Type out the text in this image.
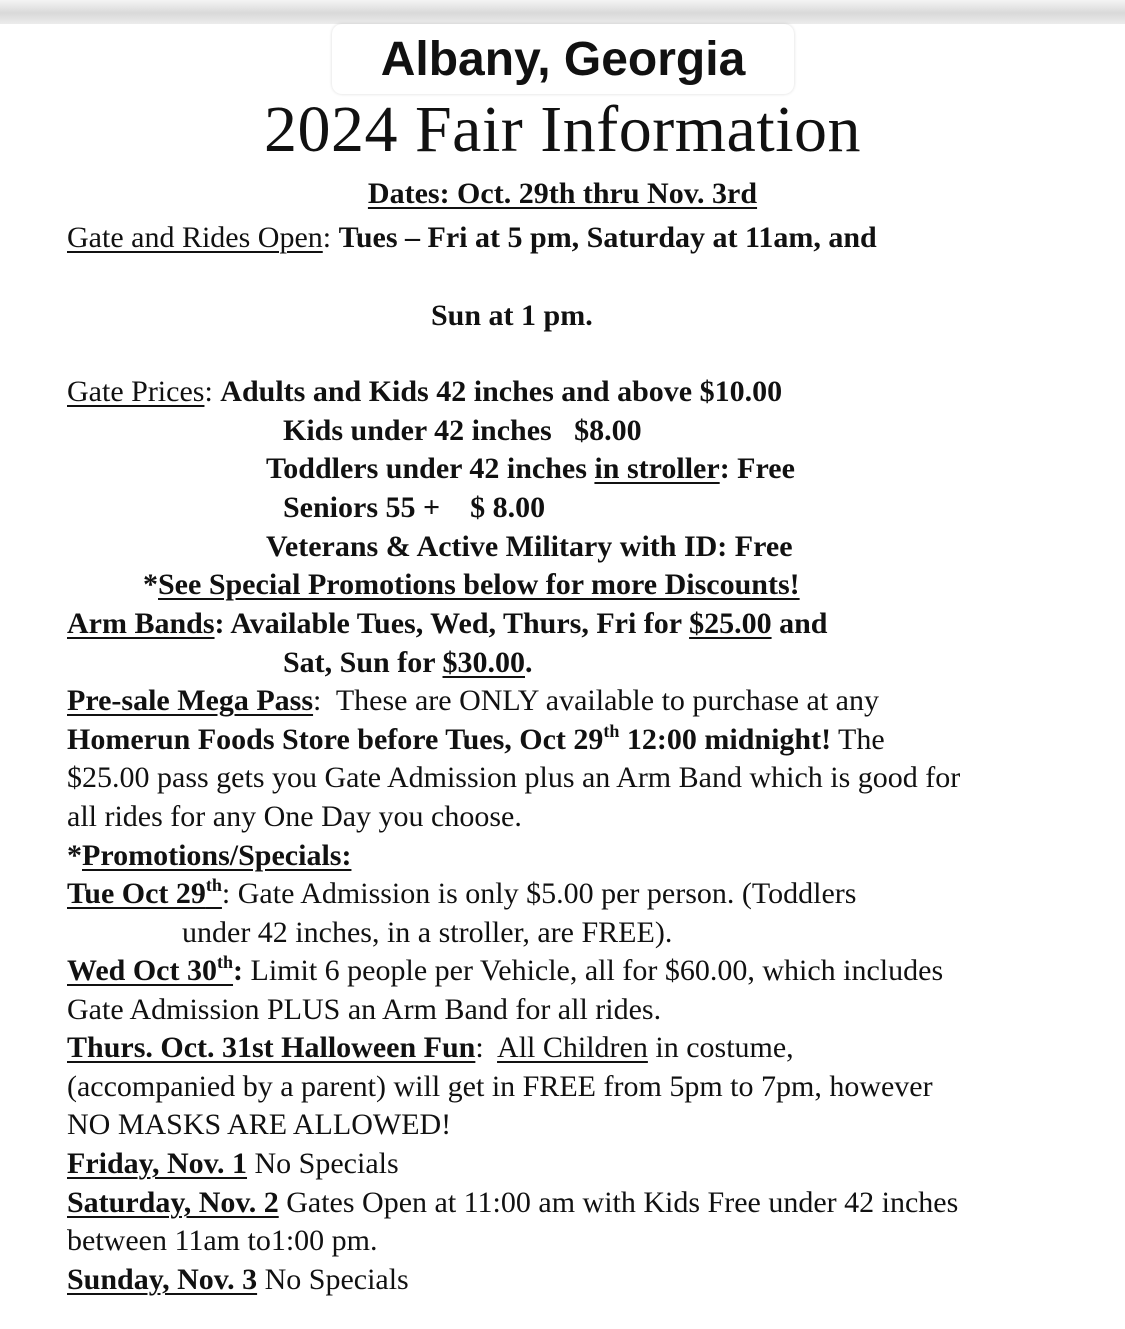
Albany, Georgia
2024 Fair Information
Dates: Oct. 29th thru Nov. 3rd
Gate and Rides Open: Tues – Fri at 5 pm, Saturday at 11am, and
Sun at 1 pm.
Gate Prices: Adults and Kids 42 inches and above $10.00
Kids under 42 inches   $8.00
Toddlers under 42 inches in stroller: Free
Seniors 55 +    $ 8.00
Veterans & Active Military with ID: Free
*See Special Promotions below for more Discounts!
Arm Bands: Available Tues, Wed, Thurs, Fri for $25.00 and
Sat, Sun for $30.00.
Pre-sale Mega Pass:  These are ONLY available to purchase at any
Homerun Foods Store before Tues, Oct 29th 12:00 midnight! The
$25.00 pass gets you Gate Admission plus an Arm Band which is good for
all rides for any One Day you choose.
*Promotions/Specials:
Tue Oct 29th: Gate Admission is only $5.00 per person. (Toddlers
under 42 inches, in a stroller, are FREE).
Wed Oct 30th: Limit 6 people per Vehicle, all for $60.00, which includes
Gate Admission PLUS an Arm Band for all rides.
Thurs. Oct. 31st Halloween Fun:  All Children in costume,
(accompanied by a parent) will get in FREE from 5pm to 7pm, however
NO MASKS ARE ALLOWED!
Friday, Nov. 1 No Specials
Saturday, Nov. 2 Gates Open at 11:00 am with Kids Free under 42 inches
between 11am to1:00 pm.
Sunday, Nov. 3 No Specials
